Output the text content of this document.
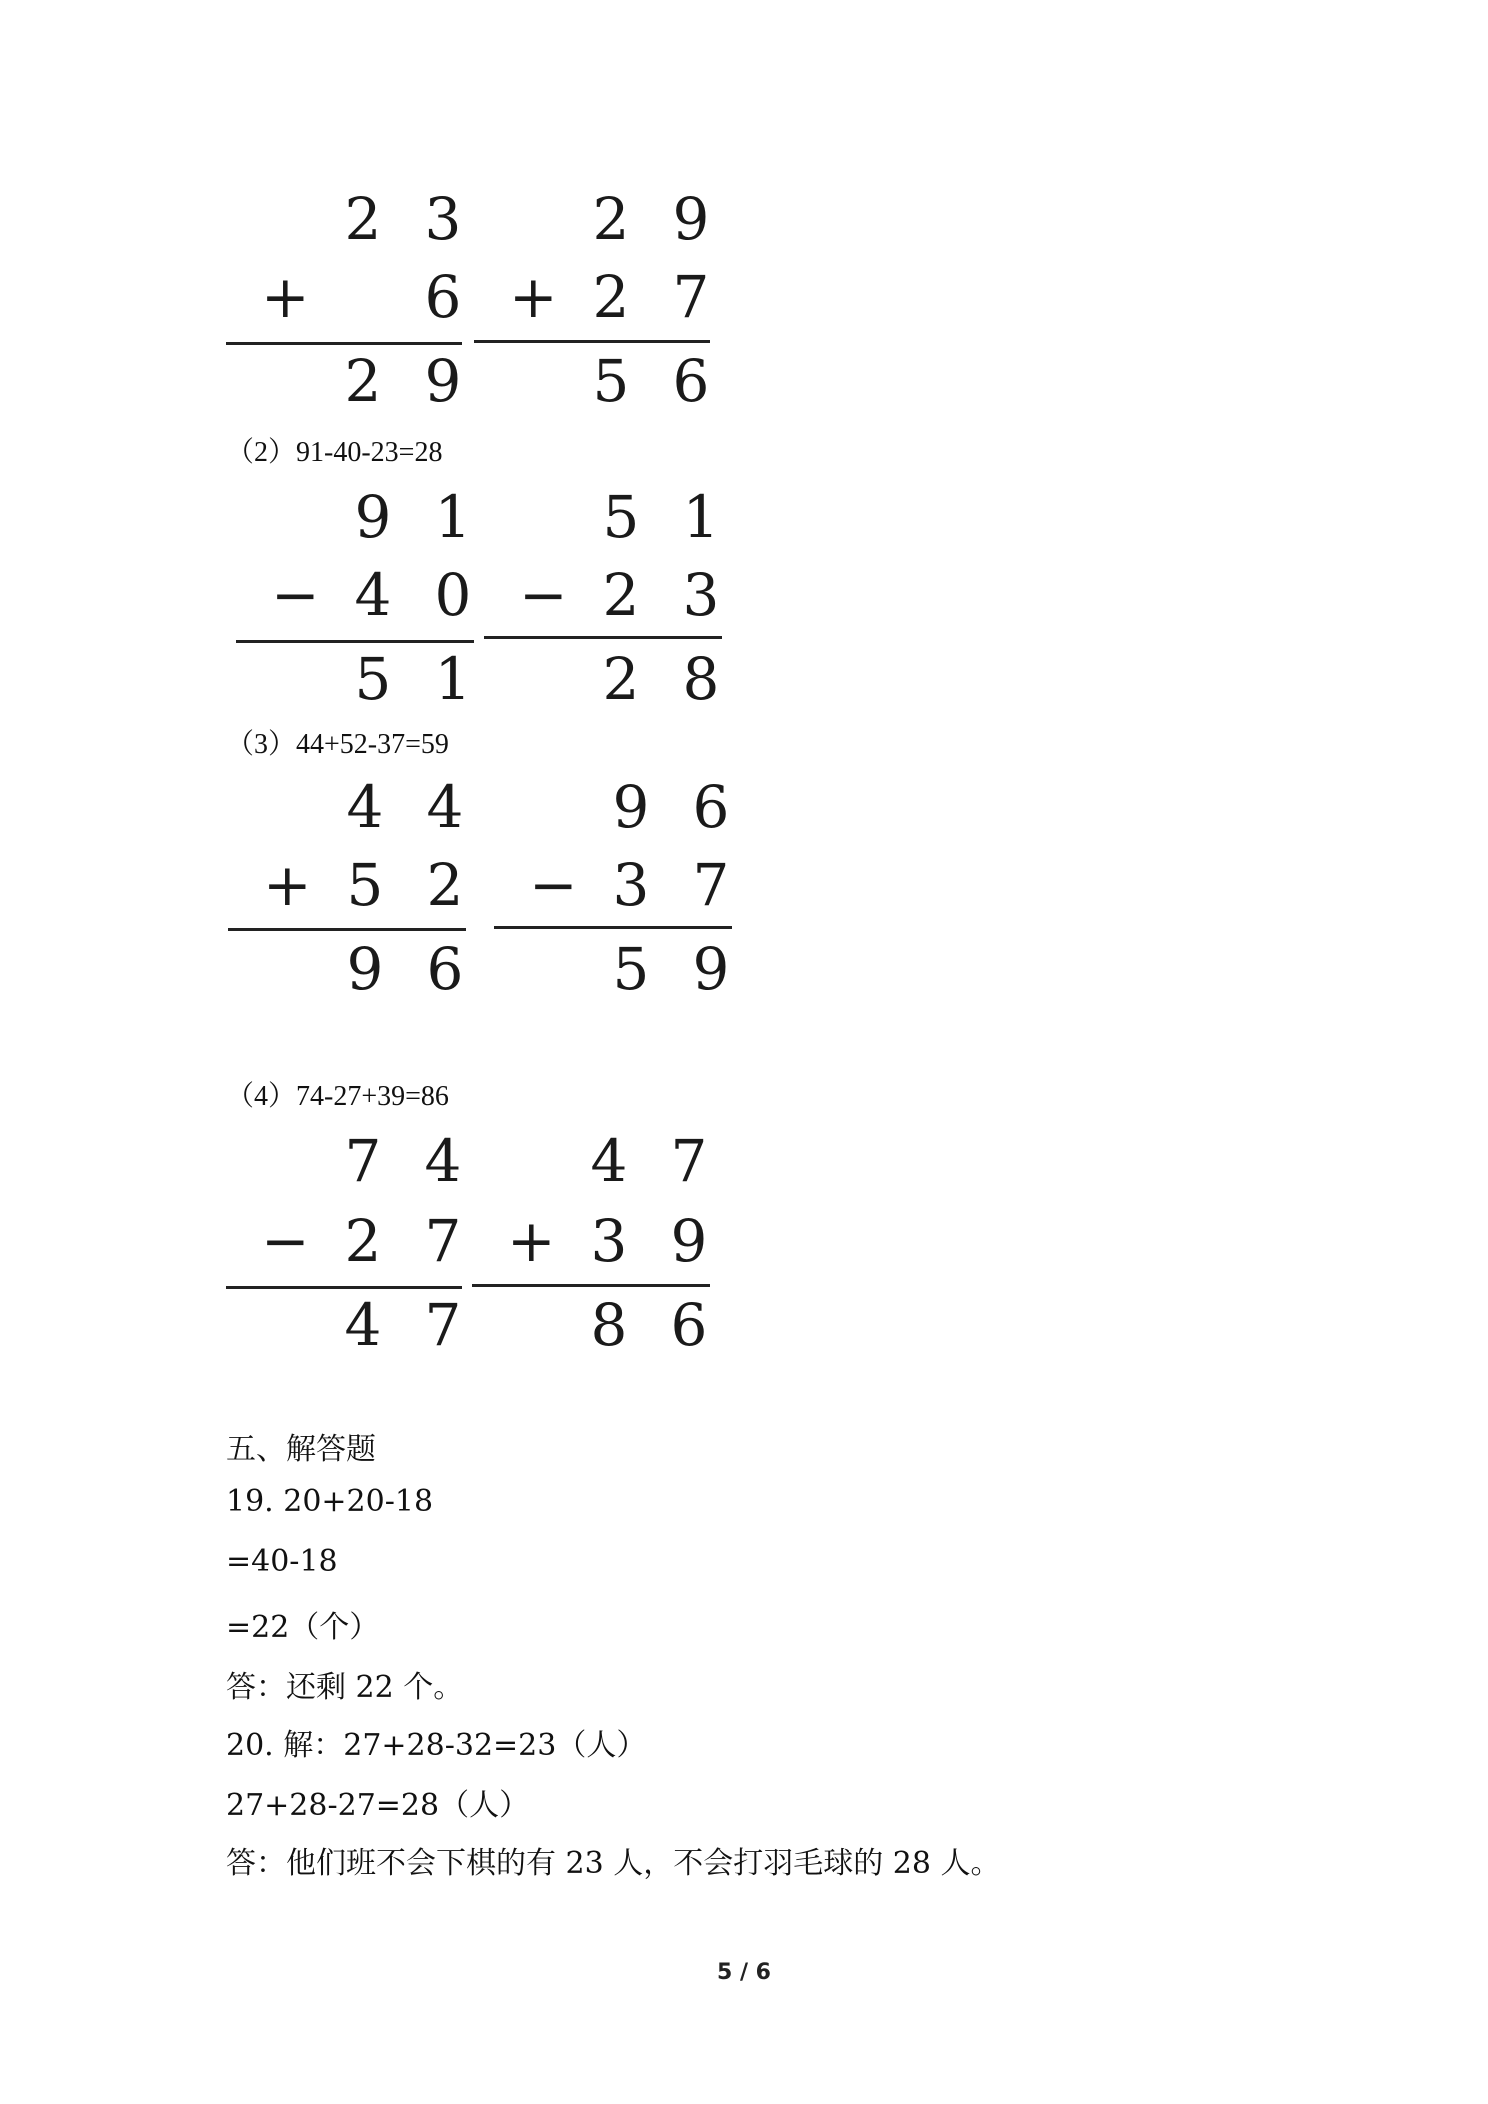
2 3
+ 6
2 9
2 9
+ 2 7
5 6
（2）91-40-23=28
9 1
− 4 0
5 1
5 1
− 2 3
2 8
（3）44+52-37=59
4 4
+ 5 2
9 6
9 6
− 3 7
5 9
（4）74-27+39=86
7 4
− 2 7
4 7
4 7
+ 3 9
8 6
五、解答题
19. 20+20-18
=40-18
=22（个）
答：还剩 22 个。
20. 解：27+28-32=23（人）
27+28-27=28（人）
答：他们班不会下棋的有 23 人，不会打羽毛球的 28 人。
5 / 6
